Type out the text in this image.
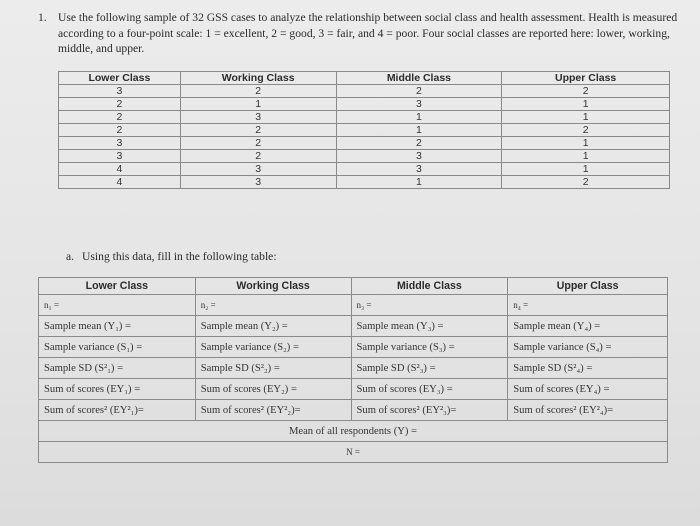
1. Use the following sample of 32 GSS cases to analyze the relationship between social class and health assessment. Health is measured according to a four-point scale: 1 = excellent, 2 = good, 3 = fair, and 4 = poor. Four social classes are reported here: lower, working, middle, and upper.
Lower Class	Working Class	Middle Class	Upper Class
3	2	2	2
2	1	3	1
2	3	1	1
2	2	1	2
3	2	2	1
3	2	3	1
4	3	3	1
4	3	1	2
a. Using this data, fill in the following table:
Lower Class	Working Class	Middle Class	Upper Class
n₁ =	n₂ =	n₃ =	n₄ =
Sample mean (Y₁) =	Sample mean (Y₂) =	Sample mean (Y₃) =	Sample mean (Y₄) =
Sample variance (S₁) =	Sample variance (S₂) =	Sample variance (S₃) =	Sample variance (S₄) =
Sample SD (S²₁) =	Sample SD (S²₂) =	Sample SD (S²₃) =	Sample SD (S²₄) =
Sum of scores (EY₁) =	Sum of scores (EY₂) =	Sum of scores (EY₃) =	Sum of scores (EY₄) =
Sum of scores² (EY²₁)=	Sum of scores² (EY²₂)=	Sum of scores² (EY²₃)=	Sum of scores² (EY²₄)=
Mean of all respondents (Y) =			
N =			
